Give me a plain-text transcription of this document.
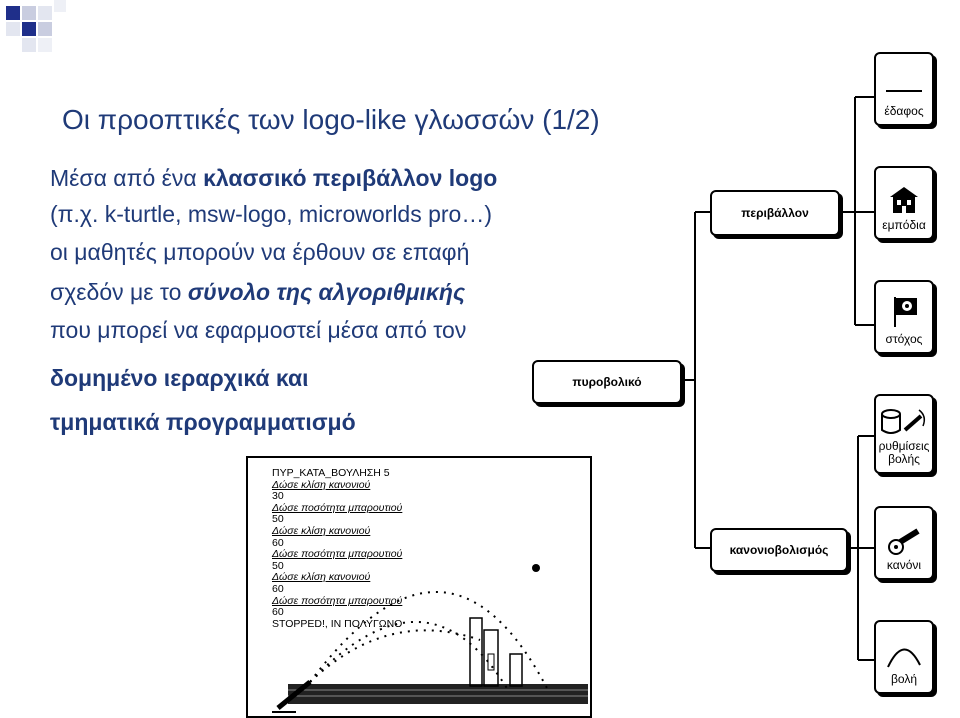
Οι προοπτικές των logo-like γλωσσών (1/2)
Μέσα από ένα κλασσικό περιβάλλον logo
(π.χ. k-turtle, msw-logo, microworlds pro…)
οι μαθητές μπορούν να έρθουν σε επαφή
σχεδόν με το σύνολο της αλγοριθμικής
που μπορεί να εφαρμοστεί μέσα από τον
δομημένο ιεραρχικά και
τμηματικά προγραμματισμό
πυροβολικό
περιβάλλον
κανονιοβολισμός
έδαφος
εμπόδια
στόχος
ρυθμίσεις βολής
κανόνι
βολή
ΠΥΡ_ΚΑΤΑ_ΒΟΥΛΗΣΗ 5
Δώσε κλίση κανονιού
30
Δώσε ποσότητα μπαρουτιού
50
Δώσε κλίση κανονιού
60
Δώσε ποσότητα μπαρουτιού
50
Δώσε κλίση κανονιού
60
Δώσε ποσότητα μπαρουτιού
60
STOPPED!, IN ΠΟΛΥΓΩΝΟ
